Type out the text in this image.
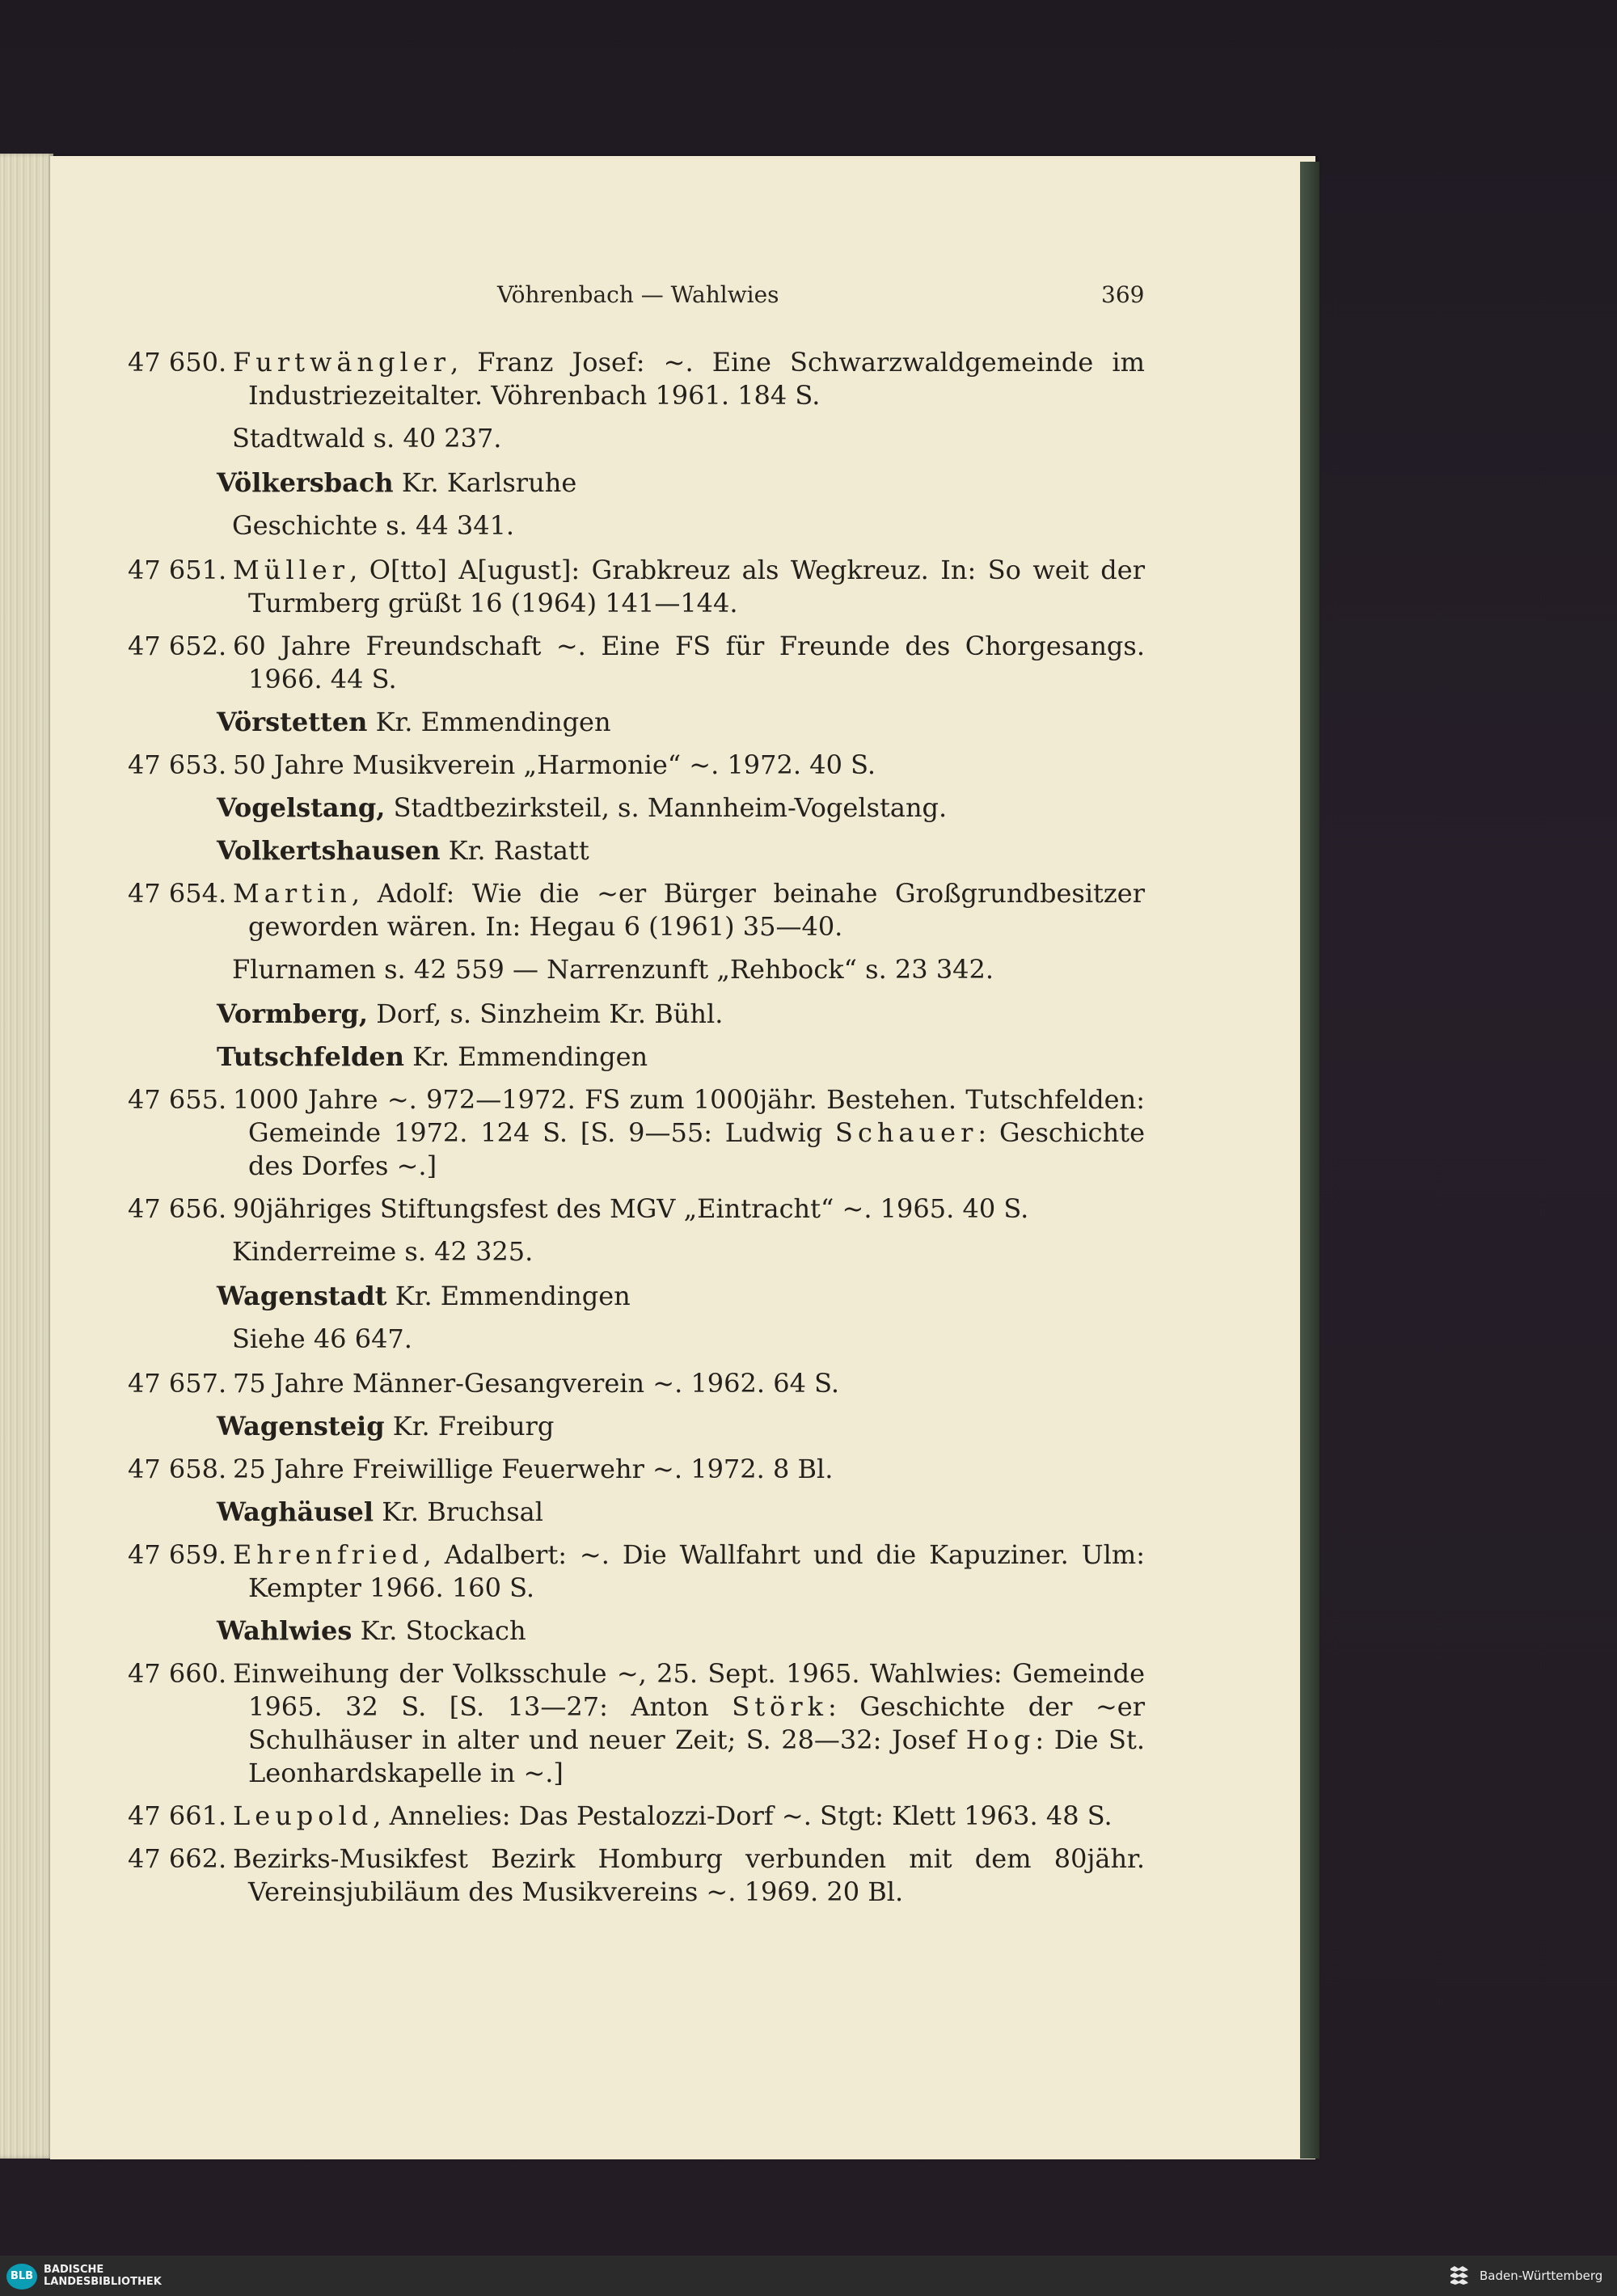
Vöhrenbach — Wahlwies	369
47 650. Furtwängler, Franz Josef: ~. Eine Schwarzwaldgemeinde im Industriezeitalter. Vöhrenbach 1961. 184 S.
Stadtwald s. 40 237.
Völkersbach Kr. Karlsruhe
Geschichte s. 44 341.
47 651. Müller, O[tto] A[ugust]: Grabkreuz als Wegkreuz. In: So weit der Turmberg grüßt 16 (1964) 141—144.
47 652. 60 Jahre Freundschaft ~. Eine FS für Freunde des Chorgesangs. 1966. 44 S.
Vörstetten Kr. Emmendingen
47 653. 50 Jahre Musikverein „Harmonie“ ~. 1972. 40 S.
Vogelstang, Stadtbezirksteil, s. Mannheim-Vogelstang.
Volkertshausen Kr. Rastatt
47 654. Martin, Adolf: Wie die ~er Bürger beinahe Großgrundbesitzer geworden wären. In: Hegau 6 (1961) 35—40.
Flurnamen s. 42 559 — Narrenzunft „Rehbock“ s. 23 342.
Vormberg, Dorf, s. Sinzheim Kr. Bühl.
Tutschfelden Kr. Emmendingen
47 655. 1000 Jahre ~. 972—1972. FS zum 1000jähr. Bestehen. Tutschfelden: Gemeinde 1972. 124 S. [S. 9—55: Ludwig Schauer: Geschichte des Dorfes ~.]
47 656. 90jähriges Stiftungsfest des MGV „Eintracht“ ~. 1965. 40 S.
Kinderreime s. 42 325.
Wagenstadt Kr. Emmendingen
Siehe 46 647.
47 657. 75 Jahre Männer-Gesangverein ~. 1962. 64 S.
Wagensteig Kr. Freiburg
47 658. 25 Jahre Freiwillige Feuerwehr ~. 1972. 8 Bl.
Waghäusel Kr. Bruchsal
47 659. Ehrenfried, Adalbert: ~. Die Wallfahrt und die Kapuziner. Ulm: Kempter 1966. 160 S.
Wahlwies Kr. Stockach
47 660. Einweihung der Volksschule ~, 25. Sept. 1965. Wahlwies: Gemeinde 1965. 32 S. [S. 13—27: Anton Störk: Geschichte der ~er Schulhäuser in alter und neuer Zeit; S. 28—32: Josef Hog: Die St. Leonhardskapelle in ~.]
47 661. Leupold, Annelies: Das Pestalozzi-Dorf ~. Stgt: Klett 1963. 48 S.
47 662. Bezirks-Musikfest Bezirk Homburg verbunden mit dem 80jähr. Vereinsjubiläum des Musikvereins ~. 1969. 20 Bl.
BLB
BADISCHE
LANDESBIBLIOTHEK	Baden-Württemberg
